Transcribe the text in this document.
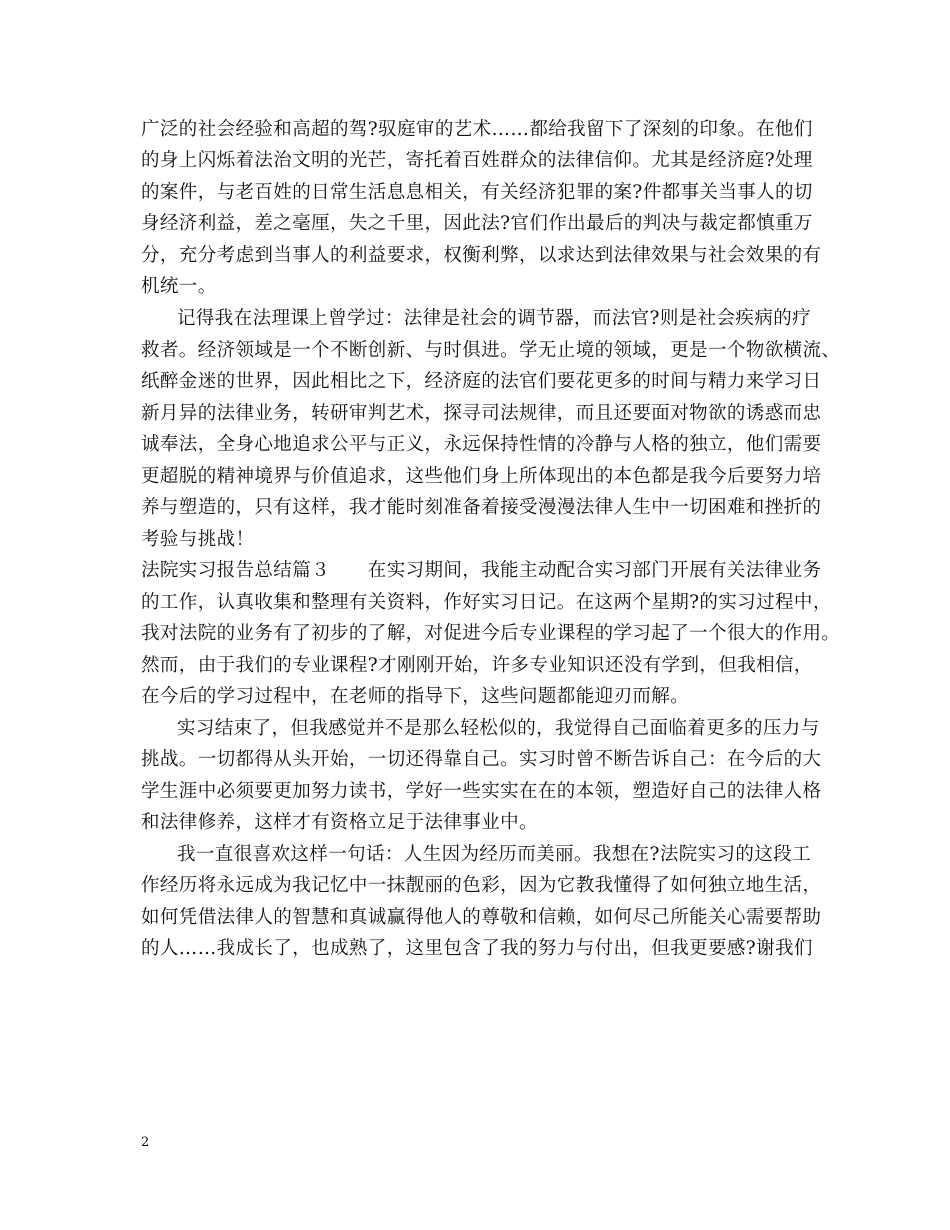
广泛的社会经验和高超的驾?驭庭审的艺术……都给我留下了深刻的印象。在他们
的身上闪烁着法治文明的光芒，寄托着百姓群众的法律信仰。尤其是经济庭?处理
的案件，与老百姓的日常生活息息相关，有关经济犯罪的案?件都事关当事人的切
身经济利益，差之毫厘，失之千里，因此法?官们作出最后的判决与裁定都慎重万
分，充分考虑到当事人的利益要求，权衡利弊，以求达到法律效果与社会效果的有
机统一。
记得我在法理课上曾学过：法律是社会的调节器，而法官?则是社会疾病的疗
救者。经济领域是一个不断创新、与时俱进。学无止境的领域，更是一个物欲横流、
纸醉金迷的世界，因此相比之下，经济庭的法官们要花更多的时间与精力来学习日
新月异的法律业务，转研审判艺术，探寻司法规律，而且还要面对物欲的诱惑而忠
诚奉法，全身心地追求公平与正义，永远保持性情的冷静与人格的独立，他们需要
更超脱的精神境界与价值追求，这些他们身上所体现出的本色都是我今后要努力培
养与塑造的，只有这样，我才能时刻准备着接受漫漫法律人生中一切困难和挫折的
考验与挑战！
法院实习报告总结篇３　　在实习期间，我能主动配合实习部门开展有关法律业务
的工作，认真收集和整理有关资料，作好实习日记。在这两个星期?的实习过程中，
我对法院的业务有了初步的了解，对促进今后专业课程的学习起了一个很大的作用。
然而，由于我们的专业课程?才刚刚开始，许多专业知识还没有学到，但我相信，
在今后的学习过程中，在老师的指导下，这些问题都能迎刃而解。
实习结束了，但我感觉并不是那么轻松似的，我觉得自己面临着更多的压力与
挑战。一切都得从头开始，一切还得靠自己。实习时曾不断告诉自己：在今后的大
学生涯中必须要更加努力读书，学好一些实实在在的本领，塑造好自己的法律人格
和法律修养，这样才有资格立足于法律事业中。
我一直很喜欢这样一句话：人生因为经历而美丽。我想在?法院实习的这段工
作经历将永远成为我记忆中一抹靓丽的色彩，因为它教我懂得了如何独立地生活，
如何凭借法律人的智慧和真诚赢得他人的尊敬和信赖，如何尽己所能关心需要帮助
的人……我成长了，也成熟了，这里包含了我的努力与付出，但我更要感?谢我们
2
